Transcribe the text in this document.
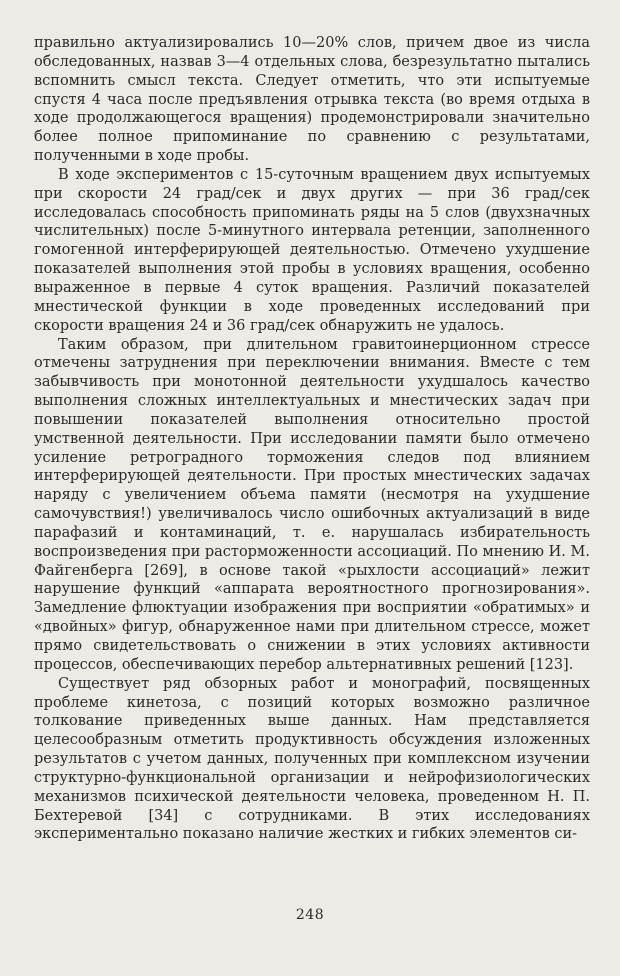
правильно актуализировались 10—20% слов, причем двое из числа обследованных, назвав 3—4 отдельных слова, безрезультатно пытались вспомнить смысл текста. Следует отметить, что эти испытуемые спустя 4 часа после предъявления отрывка текста (во время отдыха в ходе продолжающегося вращения) продемонстрировали значительно более полное припоминание по сравнению с результатами, полученными в ходе пробы.

В ходе экспериментов с 15-суточным вращением двух испытуемых при скорости 24 град/сек и двух других — при 36 град/сек исследовалась способность припоминать ряды на 5 слов (двухзначных числительных) после 5-минутного интервала ретенции, заполненного гомогенной интерферирующей деятельностью. Отмечено ухудшение показателей выполнения этой пробы в условиях вращения, особенно выраженное в первые 4 суток вращения. Различий показателей мнестической функции в ходе проведенных исследований при скорости вращения 24 и 36 град/сек обнаружить не удалось.

Таким образом, при длительном гравитоинерционном стрессе отмечены затруднения при переключении внимания. Вместе с тем забывчивость при монотонной деятельности ухудшалось качество выполнения сложных интеллектуальных и мнестических задач при повышении показателей выполнения относительно простой умственной деятельности. При исследовании памяти было отмечено усиление ретроградного торможения следов под влиянием интерферирующей деятельности. При простых мнестических задачах наряду с увеличением объема памяти (несмотря на ухудшение самочувствия!) увеличивалось число ошибочных актуализаций в виде парафазий и контаминаций, т. е. нарушалась избирательность воспроизведения при расторможенности ассоциаций. По мнению И. М. Файгенберга [269], в основе такой «рыхлости ассоциаций» лежит нарушение функций «аппарата вероятностного прогнозирования». Замедление флюктуации изображения при восприятии «обратимых» и «двойных» фигур, обнаруженное нами при длительном стрессе, может прямо свидетельствовать о снижении в этих условиях активности процессов, обеспечивающих перебор альтернативных решений [123].

Существует ряд обзорных работ и монографий, посвященных проблеме кинетоза, с позиций которых возможно различное толкование приведенных выше данных. Нам представляется целесообразным отметить продуктивность обсуждения изложенных результатов с учетом данных, полученных при комплексном изучении структурно-функциональной организации и нейрофизиологических механизмов психической деятельности человека, проведенном Н. П. Бехтеревой [34] с сотрудниками. В этих исследованиях экспериментально показано наличие жестких и гибких элементов си-

248
